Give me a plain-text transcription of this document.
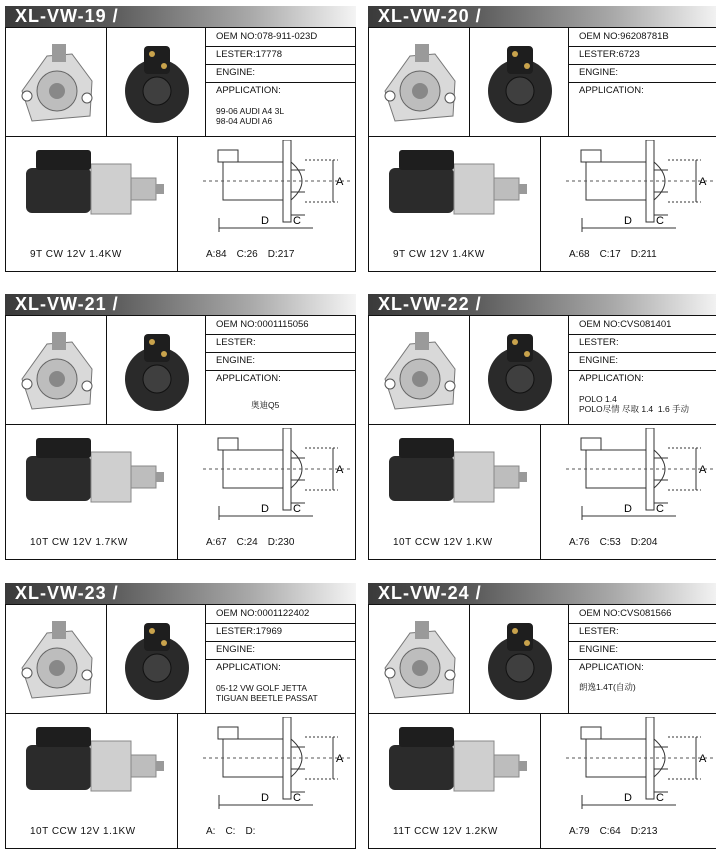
XL-VW-19 /
OEM NO:078-911-023D
LESTER:17778
ENGINE:
APPLICATION:
99-06 AUDI A4 3L
98-04 AUDI A6
9T CW 12V 1.4KW
A
C
D
A:84 C:26 D:217
XL-VW-20 /
OEM NO:96208781B
LESTER:6723
ENGINE:
APPLICATION:
9T CW 12V 1.4KW
A
C
D
A:68 C:17 D:211
XL-VW-21 /
OEM NO:0001115056
LESTER:
ENGINE:
APPLICATION:
奥迪Q5
10T CW 12V 1.7KW
A
C
D
A:67 C:24 D:230
XL-VW-22 /
OEM NO:CVS081401
LESTER:
ENGINE:
APPLICATION:
POLO 1.4
POLO尽情 尽取 1.4  1.6 手动
10T CCW 12V 1.KW
A
C
D
A:76 C:53 D:204
XL-VW-23 /
OEM NO:0001122402
LESTER:17969
ENGINE:
APPLICATION:
05-12 VW GOLF JETTA
TIGUAN BEETLE PASSAT
10T CCW 12V 1.1KW
A
C
D
A: C: D:
XL-VW-24 /
OEM NO:CVS081566
LESTER:
ENGINE:
APPLICATION:
朗逸1.4T(自动)
11T CCW 12V 1.2KW
A
C
D
A:79 C:64 D:213
